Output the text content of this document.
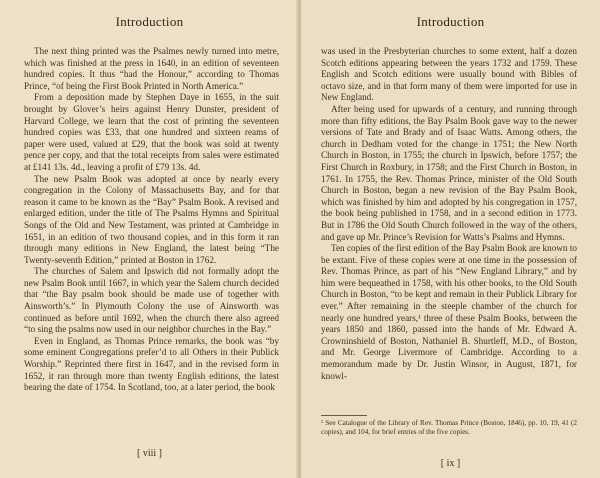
Introduction

The next thing printed was the Psalmes newly turned into metre, which was finished at the press in 1640, in an edition of seventeen hundred copies. It thus “had the Honour,” according to Thomas Prince, “of being the First Book Printed in North America.”

From a deposition made by Stephen Daye in 1655, in the suit brought by Glover’s heirs against Henry Dunster, president of Harvard College, we learn that the cost of printing the seventeen hundred copies was £33, that one hundred and sixteen reams of paper were used, valued at £29, that the book was sold at twenty pence per copy, and that the total receipts from sales were estimated at £141 13s. 4d., leaving a profit of £79 13s. 4d.

The new Psalm Book was adopted at once by nearly every congregation in the Colony of Massachusetts Bay, and for that reason it came to be known as the “Bay” Psalm Book. A revised and enlarged edition, under the title of The Psalms Hymns and Spiritual Songs of the Old and New Testament, was printed at Cambridge in 1651, in an edition of two thousand copies, and in this form it ran through many editions in New England, the latest being “The Twenty-seventh Edition,” printed at Boston in 1762.

The churches of Salem and Ipswich did not formally adopt the new Psalm Book until 1667, in which year the Salem church decided that “the Bay psalm book should be made use of together with Ainsworth’s.” In Plymouth Colony the use of Ainsworth was continued as before until 1692, when the church there also agreed “to sing the psalms now used in our neighbor churches in the Bay.”

Even in England, as Thomas Prince remarks, the book was “by some eminent Congregations prefer’d to all Others in their Publick Worship.” Reprinted there first in 1647, and in the revised form in 1652, it ran through more than twenty English editions, the latest bearing the date of 1754. In Scotland, too, at a later period, the book

[ viii ]
Introduction

was used in the Presbyterian churches to some extent, half a dozen Scotch editions appearing between the years 1732 and 1759. These English and Scotch editions were usually bound with Bibles of octavo size, and in that form many of them were imported for use in New England.

After being used for upwards of a century, and running through more than fifty editions, the Bay Psalm Book gave way to the newer versions of Tate and Brady and of Isaac Watts. Among others, the church in Dedham voted for the change in 1751; the New North Church in Boston, in 1755; the church in Ipswich, before 1757; the First Church in Roxbury, in 1758; and the First Church in Boston, in 1761. In 1755, the Rev. Thomas Prince, minister of the Old South Church in Boston, began a new revision of the Bay Psalm Book, which was finished by him and adopted by his congregation in 1757, the book being published in 1758, and in a second edition in 1773. But in 1786 the Old South Church followed in the way of the others, and gave up Mr. Prince’s Revision for Watts’s Psalms and Hymns.

Ten copies of the first edition of the Bay Psalm Book are known to be extant. Five of these copies were at one time in the possession of Rev. Thomas Prince, as part of his “New England Library,” and by him were bequeathed in 1758, with his other books, to the Old South Church in Boston, “to be kept and remain in their Publick Library for ever.” After remaining in the steeple chamber of the church for nearly one hundred years,¹ three of these Psalm Books, between the years 1850 and 1860, passed into the hands of Mr. Edward A. Crowninshield of Boston, Nathaniel B. Shurtleff, M.D., of Boston, and Mr. George Livermore of Cambridge. According to a memorandum made by Dr. Justin Winsor, in August, 1871, for knowl-

¹ See Catalogue of the Library of Rev. Thomas Prince (Boston, 1846), pp. 10, 19, 41 (2 copies), and 104, for brief entries of the five copies.
[ ix ]
